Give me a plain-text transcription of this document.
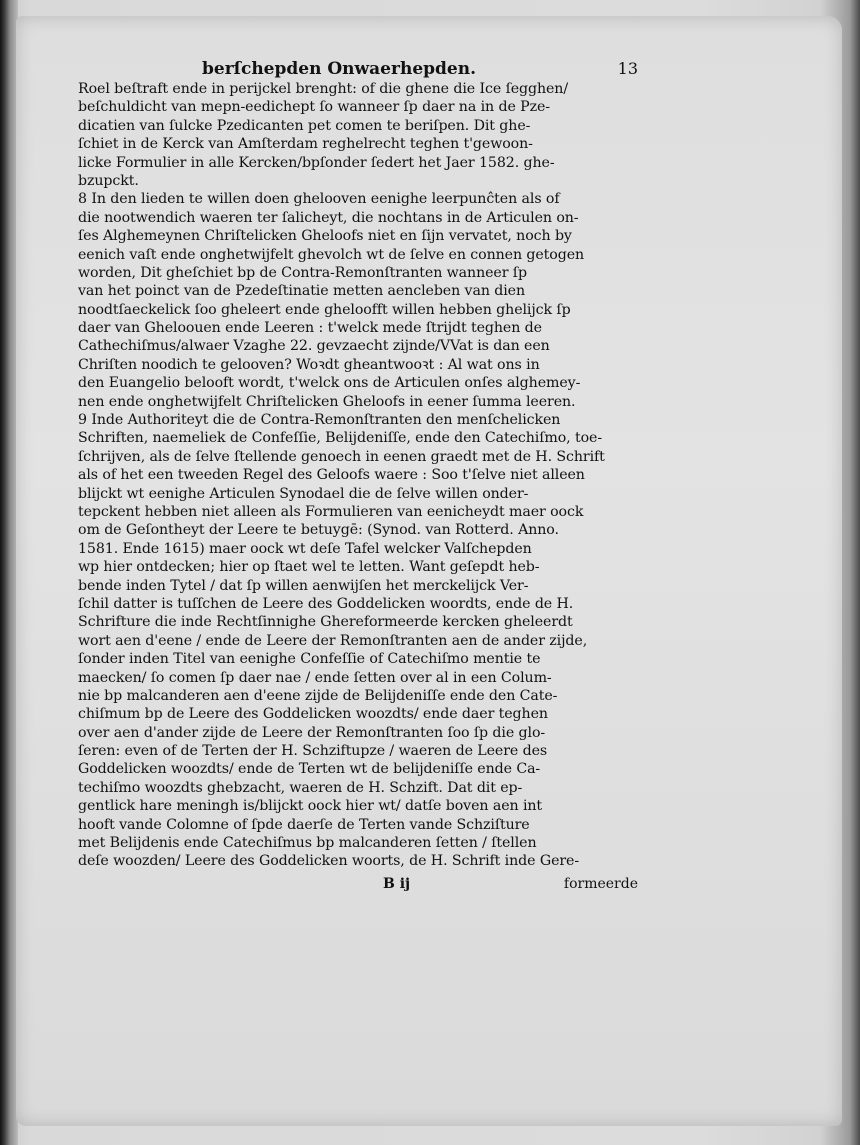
berſchepden Onwaerhepden.	13
Roel beſtraft ende in perijckel brenght: of die ghene die Ice ſegghen/
beſchuldicht van mepn-eedichept ſo wanneer ſp daer na in de Pze-
dicatien van ſulcke Pzedicanten pet comen te beriſpen. Dit ghe-
ſchiet in de Kerck van Amſterdam reghelrecht teghen t'gewoon-
licke Formulier in alle Kercken/bpſonder ſedert het Jaer 1582. ghe-
bzupckt.
8 In den lieden te willen doen ghelooven eenighe leerpunĉten als of
die nootwendich waeren ter ſalicheyt, die nochtans in de Articulen on-
ſes Alghemeynen Chriſtelicken Gheloofs niet en ſijn vervatet, noch by
eenich vaſt ende onghetwijfelt ghevolch wt de ſelve en connen getogen
worden, Dit gheſchiet bp de Contra-Remonſtranten wanneer ſp
van het poinct van de Pzedeſtinatie metten aencleben van dien
noodtſaeckelick ſoo gheleert ende gheloofft willen hebben ghelijck ſp
daer van Gheloouen ende Leeren : t'welck mede ſtrijdt teghen de
Cathechiſmus/alwaer Vzaghe 22. gevzaecht zijnde/VVat is dan een
Chriſten noodich te gelooven? Woꝛdt gheantwooꝛt : Al wat ons in
den Euangelio belooft wordt, t'welck ons de Articulen onſes alghemey-
nen ende onghetwijfelt Chriſtelicken Gheloofs in eener ſumma leeren.
9 Inde Authoriteyt die de Contra-Remonſtranten den menſchelicken
Schriften, naemeliek de Confeſſie, Belijdeniſſe, ende den Catechiſmo, toe-
ſchrijven, als de ſelve ſtellende genoech in eenen graedt met de H. Schrift
als of het een tweeden Regel des Geloofs waere : Soo t'ſelve niet alleen
blijckt wt eenighe Articulen Synodael die de ſelve willen onder-
tepckent hebben niet alleen als Formulieren van eenicheydt maer oock
om de Geſontheyt der Leere te betuygē: (Synod. van Rotterd. Anno.
1581. Ende 1615) maer oock wt deſe Tafel welcker Valſchepden
wp hier ontdecken; hier op ſtaet wel te letten. Want geſepdt heb-
bende inden Tytel / dat ſp willen aenwijſen het merckelijck Ver-
ſchil datter is tuſſchen de Leere des Goddelicken woordts, ende de H.
Schrifture die inde Rechtſinnighe Ghereformeerde kercken gheleerdt
wort aen d'eene / ende de Leere der Remonſtranten aen de ander zijde,
ſonder inden Titel van eenighe Confeſſie of Catechiſmo mentie te
maecken/ ſo comen ſp daer nae / ende ſetten over al in een Colum-
nie bp malcanderen aen d'eene zijde de Belijdeniſſe ende den Cate-
chiſmum bp de Leere des Goddelicken woozdts/ ende daer teghen
over aen d'ander zijde de Leere der Remonſtranten ſoo ſp die glo-
ſeren: even of de Terten der H. Schziftupze / waeren de Leere des
Goddelicken woozdts/ ende de Terten wt de belijdeniſſe ende Ca-
techiſmo woozdts ghebzacht, waeren de H. Schzift. Dat dit ep-
gentlick hare meningh is/blijckt oock hier wt/ datſe boven aen int
hooft vande Colomne of ſpde daerſe de Terten vande Schziſture
met Belijdenis ende Catechiſmus bp malcanderen ſetten / ſtellen
deſe woozden/ Leere des Goddelicken woorts, de H. Schrift inde Gere-
B ij	formeerde
